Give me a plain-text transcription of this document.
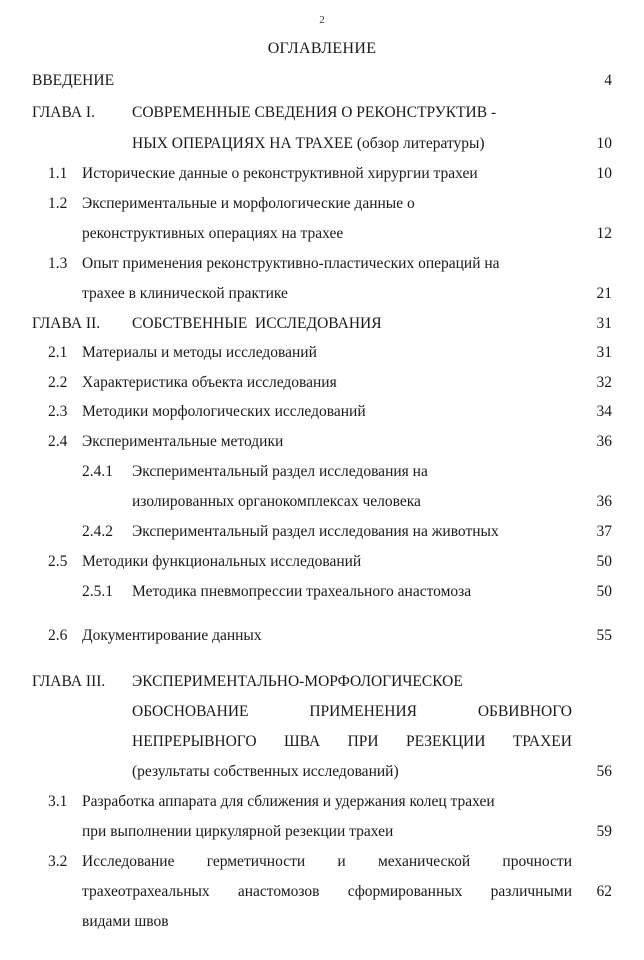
2
ОГЛАВЛЕНИЕ
ВВЕДЕНИЕ	4
ГЛАВА I. СОВРЕМЕННЫЕ СВЕДЕНИЯ О РЕКОНСТРУКТИВ -
НЫХ ОПЕРАЦИЯХ НА ТРАХЕЕ (обзор литературы)	10
1.1 Исторические данные о реконструктивной хирургии трахеи	10
1.2 Экспериментальные и морфологические данные о
реконструктивных операциях на трахее	12
1.3 Опыт применения реконструктивно-пластических операций на
трахее в клинической практике	21
ГЛАВА II. СОБСТВЕННЫЕ  ИССЛЕДОВАНИЯ	31
2.1 Материалы и методы исследований	31
2.2 Характеристика объекта исследования	32
2.3 Методики морфологических исследований	34
2.4 Экспериментальные методики	36
2.4.1 Экспериментальный раздел исследования на
изолированных органокомплексах человека	36
2.4.2 Экспериментальный раздел исследования на животных	37
2.5 Методики функциональных исследований	50
2.5.1 Методика пневмопрессии трахеального анастомоза	50
2.6 Документирование данных	55
ГЛАВА III. ЭКСПЕРИМЕНТАЛЬНО-МОРФОЛОГИЧЕСКОЕ
ОБОСНОВАНИЕ	ПРИМЕНЕНИЯ	ОБВИВНОГО
НЕПРЕРЫВНОГО ШВА ПРИ РЕЗЕКЦИИ ТРАХЕИ
(результаты собственных исследований)	56
3.1 Разработка аппарата для сближения и удержания колец трахеи
при выполнении циркулярной резекции трахеи	59
3.2 Исследование герметичности и механической прочности
трахеотрахеальных анастомозов сформированных различными 62
видами швов
